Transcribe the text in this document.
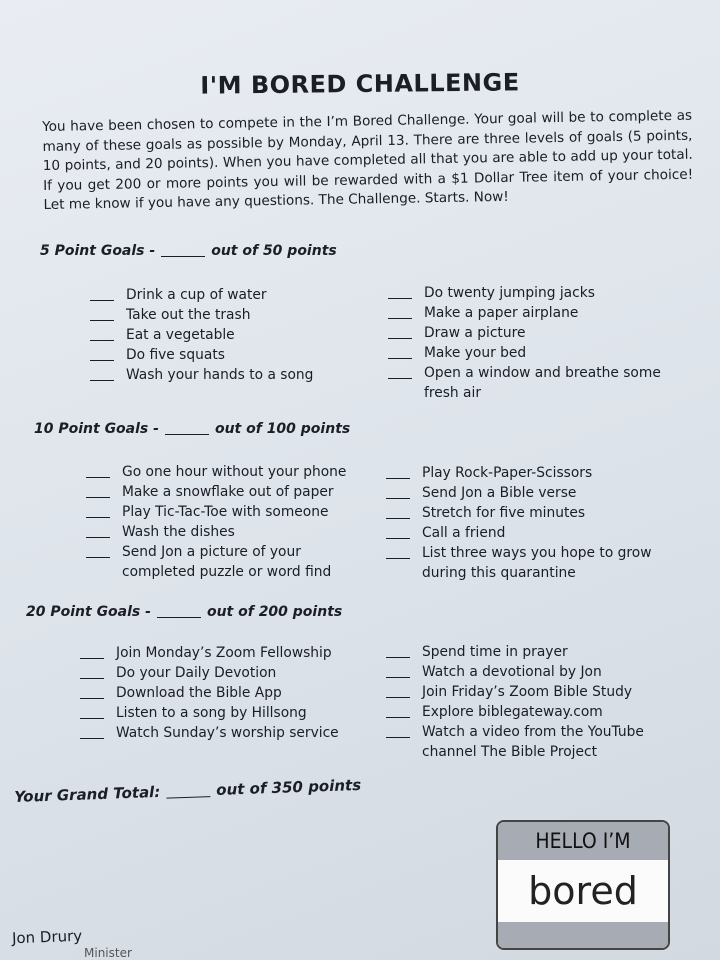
I'M BORED CHALLENGE
You have been chosen to compete in the I’m Bored Challenge. Your goal will be to complete as many of these goals as possible by Monday, April 13. There are three levels of goals (5 points, 10 points, and 20 points). When you have completed all that you are able to add up your total. If you get 200 or more points you will be rewarded with a $1 Dollar Tree item of your choice! Let me know if you have any questions. The Challenge. Starts. Now!
5 Point Goals -	out of 50 points
Drink a cup of water
Take out the trash
Eat a vegetable
Do five squats
Wash your hands to a song
Do twenty jumping jacks
Make a paper airplane
Draw a picture
Make your bed
Open a window and breathe some fresh air
10 Point Goals -	out of 100 points
Go one hour without your phone
Make a snowflake out of paper
Play Tic-Tac-Toe with someone
Wash the dishes
Send Jon a picture of your completed puzzle or word find
Play Rock-Paper-Scissors
Send Jon a Bible verse
Stretch for five minutes
Call a friend
List three ways you hope to grow during this quarantine
20 Point Goals -	out of 200 points
Join Monday’s Zoom Fellowship
Do your Daily Devotion
Download the Bible App
Listen to a song by Hillsong
Watch Sunday’s worship service
Spend time in prayer
Watch a devotional by Jon
Join Friday’s Zoom Bible Study
Explore biblegateway.com
Watch a video from the YouTube channel The Bible Project
Your Grand Total:	out of 350 points
HELLO I’M
bored
Jon Drury
Minister
